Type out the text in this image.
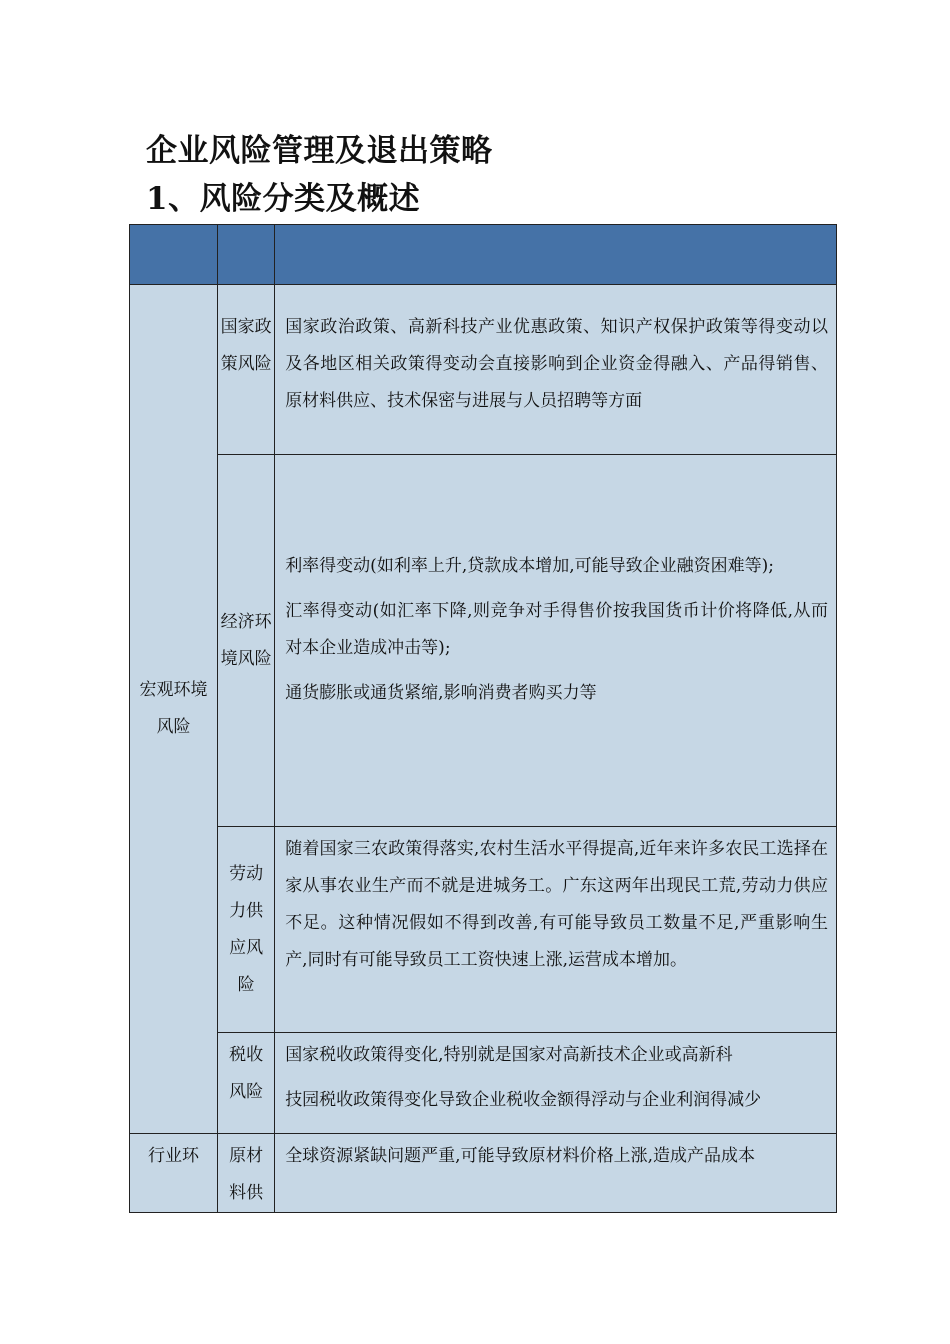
企业风险管理及退出策略
1、风险分类及概述

宏观环境风险	国家政策风险	国家政治政策、高新科技产业优惠政策、知识产权保护政策等得变动以及各地区相关政策得变动会直接影响到企业资金得融入、产品得销售、原材料供应、技术保密与进展与人员招聘等方面

	经济环境风险	利率得变动(如利率上升,贷款成本增加,可能导致企业融资困难等);

汇率得变动(如汇率下降,则竞争对手得售价按我国货币计价将降低,从而对本企业造成冲击等);

通货膨胀或通货紧缩,影响消费者购买力等

	劳动力供应风险	随着国家三农政策得落实,农村生活水平得提高,近年来许多农民工选择在家从事农业生产而不就是进城务工。广东这两年出现民工荒,劳动力供应不足。这种情况假如不得到改善,有可能导致员工数量不足,严重影响生产,同时有可能导致员工工资快速上涨,运营成本增加。

	税收风险	国家税收政策得变化,特别就是国家对高新技术企业或高新科

技园税收政策得变化导致企业税收金额得浮动与企业利润得减少

行业环	原材料供	全球资源紧缺问题严重,可能导致原材料价格上涨,造成产品成本
